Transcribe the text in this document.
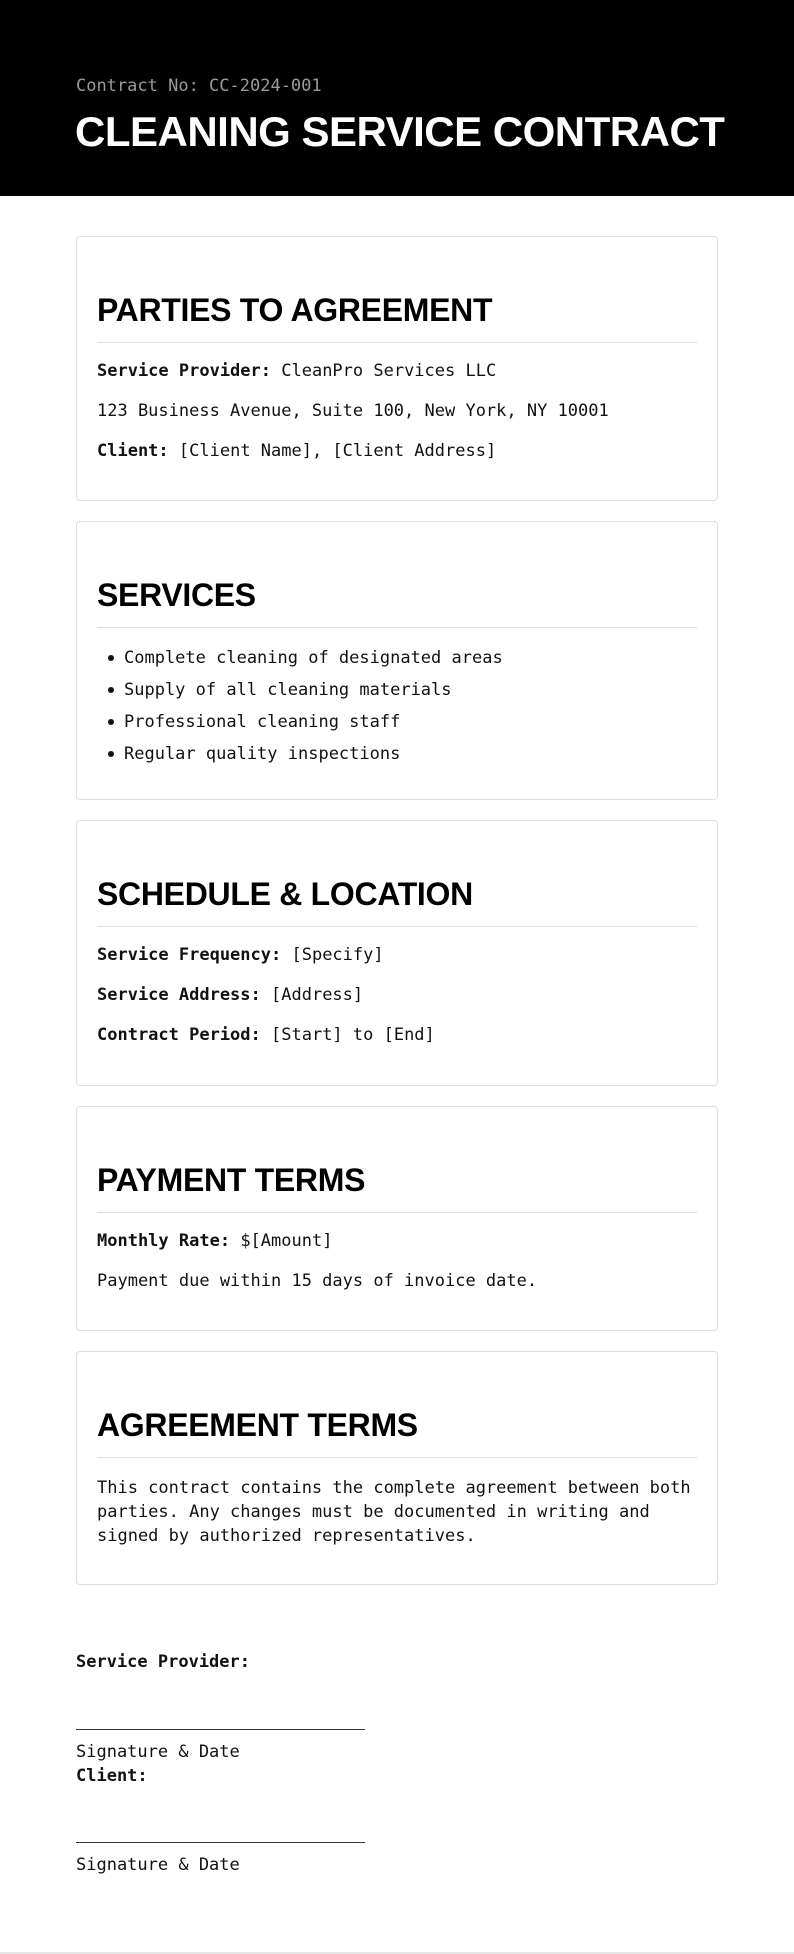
Contract No: CC-2024-001
CLEANING SERVICE CONTRACT
PARTIES TO AGREEMENT
Service Provider: CleanPro Services LLC
123 Business Avenue, Suite 100, New York, NY 10001
Client: [Client Name], [Client Address]
SERVICES
Complete cleaning of designated areas
Supply of all cleaning materials
Professional cleaning staff
Regular quality inspections
SCHEDULE & LOCATION
Service Frequency: [Specify]
Service Address: [Address]
Contract Period: [Start] to [End]
PAYMENT TERMS
Monthly Rate: $[Amount]
Payment due within 15 days of invoice date.
AGREEMENT TERMS
This contract contains the complete agreement between both parties. Any changes must be documented in writing and signed by authorized representatives.
Service Provider:
Signature & Date
Client:
Signature & Date
